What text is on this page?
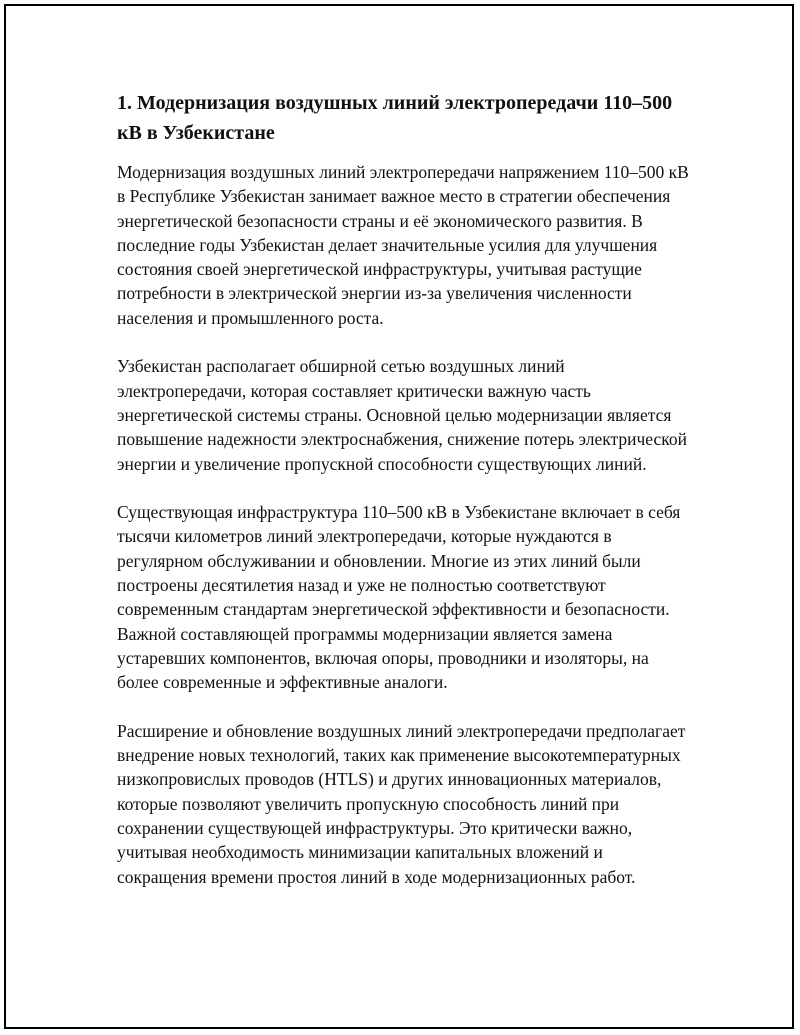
1. Модернизация воздушных линий электропередачи 110–500 кВ в Узбекистане

Модернизация воздушных линий электропередачи напряжением 110–500 кВ в Республике Узбекистан занимает важное место в стратегии обеспечения энергетической безопасности страны и её экономического развития. В последние годы Узбекистан делает значительные усилия для улучшения состояния своей энергетической инфраструктуры, учитывая растущие потребности в электрической энергии из-за увеличения численности населения и промышленного роста.

Узбекистан располагает обширной сетью воздушных линий электропередачи, которая составляет критически важную часть энергетической системы страны. Основной целью модернизации является повышение надежности электроснабжения, снижение потерь электрической энергии и увеличение пропускной способности существующих линий.

Существующая инфраструктура 110–500 кВ в Узбекистане включает в себя тысячи километров линий электропередачи, которые нуждаются в регулярном обслуживании и обновлении. Многие из этих линий были построены десятилетия назад и уже не полностью соответствуют современным стандартам энергетической эффективности и безопасности. Важной составляющей программы модернизации является замена устаревших компонентов, включая опоры, проводники и изоляторы, на более современные и эффективные аналоги.

Расширение и обновление воздушных линий электропередачи предполагает внедрение новых технологий, таких как применение высокотемпературных низкопровислых проводов (HTLS) и других инновационных материалов, которые позволяют увеличить пропускную способность линий при сохранении существующей инфраструктуры. Это критически важно, учитывая необходимость минимизации капитальных вложений и сокращения времени простоя линий в ходе модернизационных работ.
